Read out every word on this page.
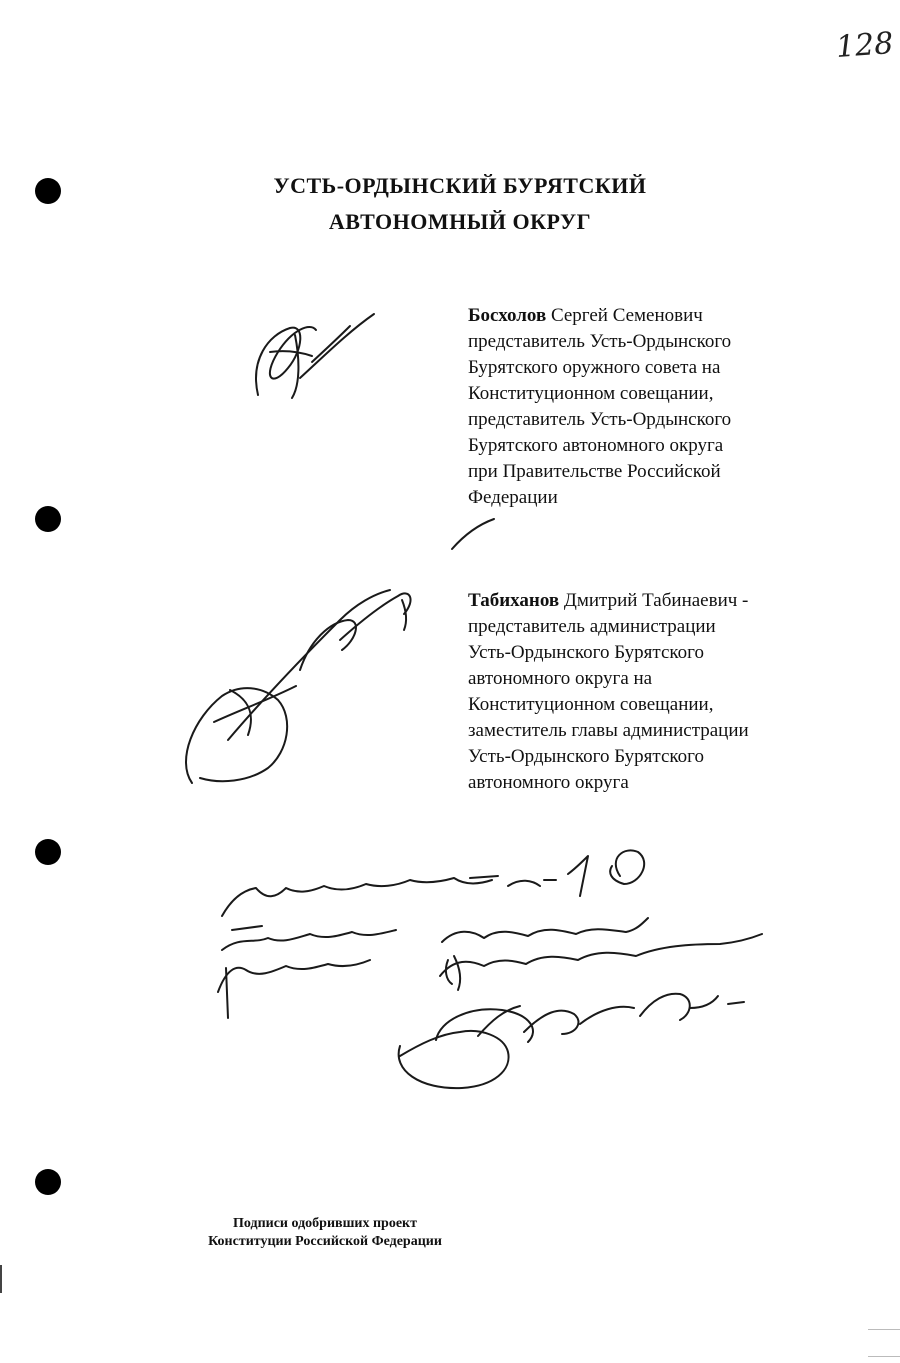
128
УСТЬ-ОРДЫНСКИЙ БУРЯТСКИЙ
АВТОНОМНЫЙ ОКРУГ
Босхолов Сергей Семенович
представитель Усть-Ордынского
Бурятского оружного совета на
Конституционном совещании,
представитель Усть-Ордынского
Бурятского автономного округа
при Правительстве Российской
Федерации
Табиханов Дмитрий Табинаевич -
представитель администрации
Усть-Ордынского Бурятского
автономного округа на
Конституционном совещании,
заместитель главы администрации
Усть-Ордынского Бурятского
автономного округа
Подписи одобривших проект
Конституции Российской Федерации
